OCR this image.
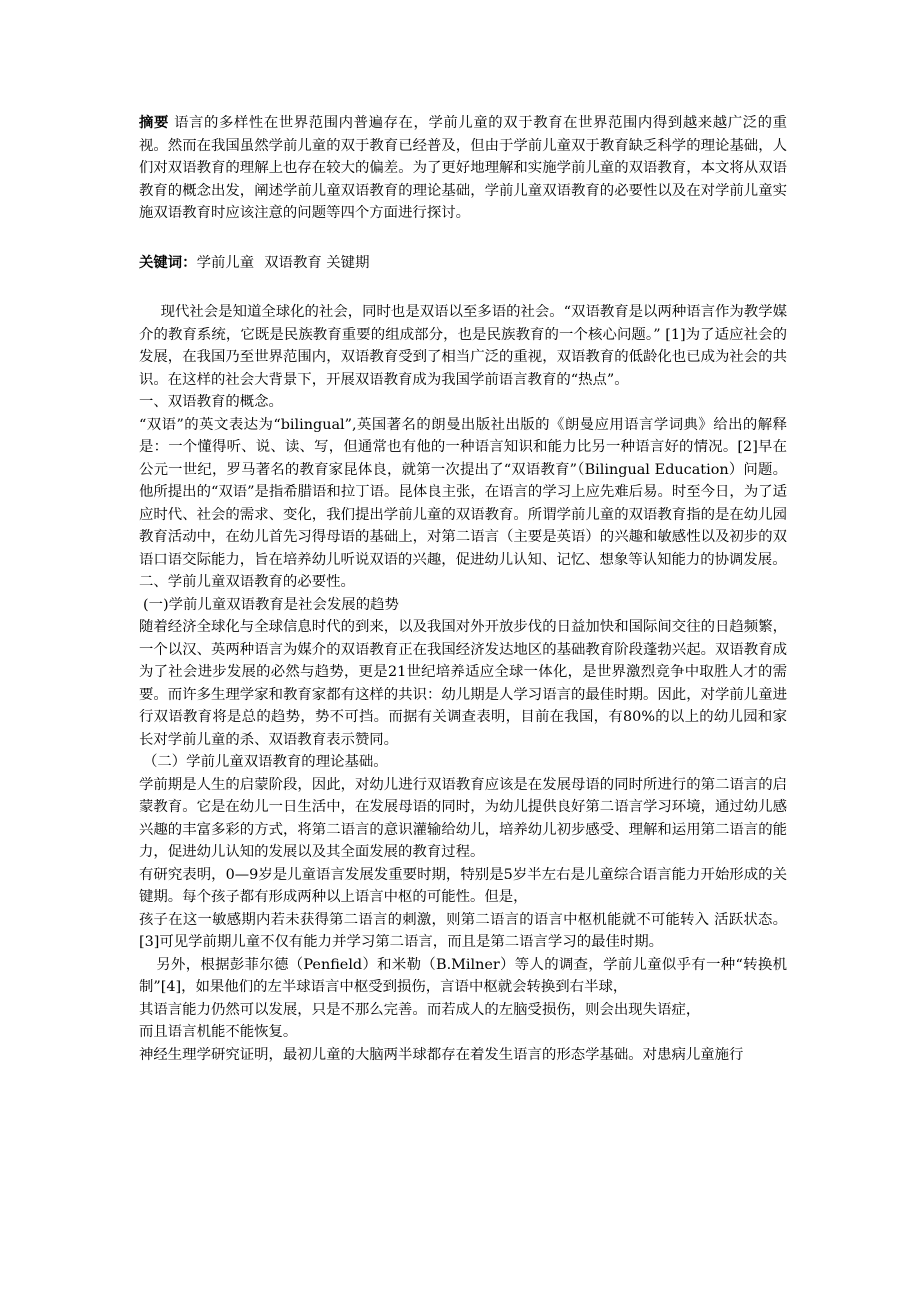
摘要 语言的多样性在世界范围内普遍存在，学前儿童的双于教育在世界范围内得到越来越广泛的重视。然而在我国虽然学前儿童的双于教育已经普及，但由于学前儿童双于教育缺乏科学的理论基础，人们对双语教育的理解上也存在较大的偏差。为了更好地理解和实施学前儿童的双语教育，本文将从双语教育的概念出发，阐述学前儿童双语教育的理论基础，学前儿童双语教育的必要性以及在对学前儿童实施双语教育时应该注意的问题等四个方面进行探讨。

关键词：学前儿童 双语教育 关键期

现代社会是知道全球化的社会，同时也是双语以至多语的社会。“双语教育是以两种语言作为教学媒介的教育系统，它既是民族教育重要的组成部分，也是民族教育的一个核心问题。” [1]为了适应社会的发展，在我国乃至世界范围内，双语教育受到了相当广泛的重视，双语教育的低龄化也已成为社会的共识。在这样的社会大背景下，开展双语教育成为我国学前语言教育的“热点”。

一、双语教育的概念。

“双语”的英文表达为“bilingual”,英国著名的朗曼出版社出版的《朗曼应用语言学词典》给出的解释是：一个懂得听、说、读、写，但通常也有他的一种语言知识和能力比另一种语言好的情况。[2]早在公元一世纪，罗马著名的教育家昆体良，就第一次提出了“双语教育”（Bilingual Education）问题。他所提出的“双语”是指希腊语和拉丁语。昆体良主张，在语言的学习上应先难后易。时至今日，为了适应时代、社会的需求、变化，我们提出学前儿童的双语教育。所谓学前儿童的双语教育指的是在幼儿园教育活动中，在幼儿首先习得母语的基础上，对第二语言（主要是英语）的兴趣和敏感性以及初步的双语口语交际能力，旨在培养幼儿听说双语的兴趣，促进幼儿认知、记忆、想象等认知能力的协调发展。

二、学前儿童双语教育的必要性。

(一)学前儿童双语教育是社会发展的趋势

随着经济全球化与全球信息时代的到来，以及我国对外开放步伐的日益加快和国际间交往的日趋频繁，一个以汉、英两种语言为媒介的双语教育正在我国经济发达地区的基础教育阶段蓬勃兴起。双语教育成为了社会进步发展的必然与趋势，更是21世纪培养适应全球一体化，是世界激烈竞争中取胜人才的需要。而许多生理学家和教育家都有这样的共识：幼儿期是人学习语言的最佳时期。因此，对学前儿童进行双语教育将是总的趋势，势不可挡。而据有关调查表明，目前在我国，有80%的以上的幼儿园和家长对学前儿童的杀、双语教育表示赞同。

（二）学前儿童双语教育的理论基础。

学前期是人生的启蒙阶段，因此，对幼儿进行双语教育应该是在发展母语的同时所进行的第二语言的启蒙教育。它是在幼儿一日生活中，在发展母语的同时，为幼儿提供良好第二语言学习环境，通过幼儿感兴趣的丰富多彩的方式，将第二语言的意识灌输给幼儿，培养幼儿初步感受、理解和运用第二语言的能力，促进幼儿认知的发展以及其全面发展的教育过程。

有研究表明，0—9岁是儿童语言发展发重要时期，特别是5岁半左右是儿童综合语言能力开始形成的关键期。每个孩子都有形成两种以上语言中枢的可能性。但是，

孩子在这一敏感期内若未获得第二语言的刺激，则第二语言的语言中枢机能就不可能转入 活跃状态。[3]可见学前期儿童不仅有能力并学习第二语言，而且是第二语言学习的最佳时期。

另外，根据彭菲尔德（Penfield）和米勒（B.Milner）等人的调查，学前儿童似乎有一种“转换机制”[4]，如果他们的左半球语言中枢受到损伤，言语中枢就会转换到右半球，

其语言能力仍然可以发展，只是不那么完善。而若成人的左脑受损伤，则会出现失语症，

而且语言机能不能恢复。

神经生理学研究证明，最初儿童的大脑两半球都存在着发生语言的形态学基础。对患病儿童施行
